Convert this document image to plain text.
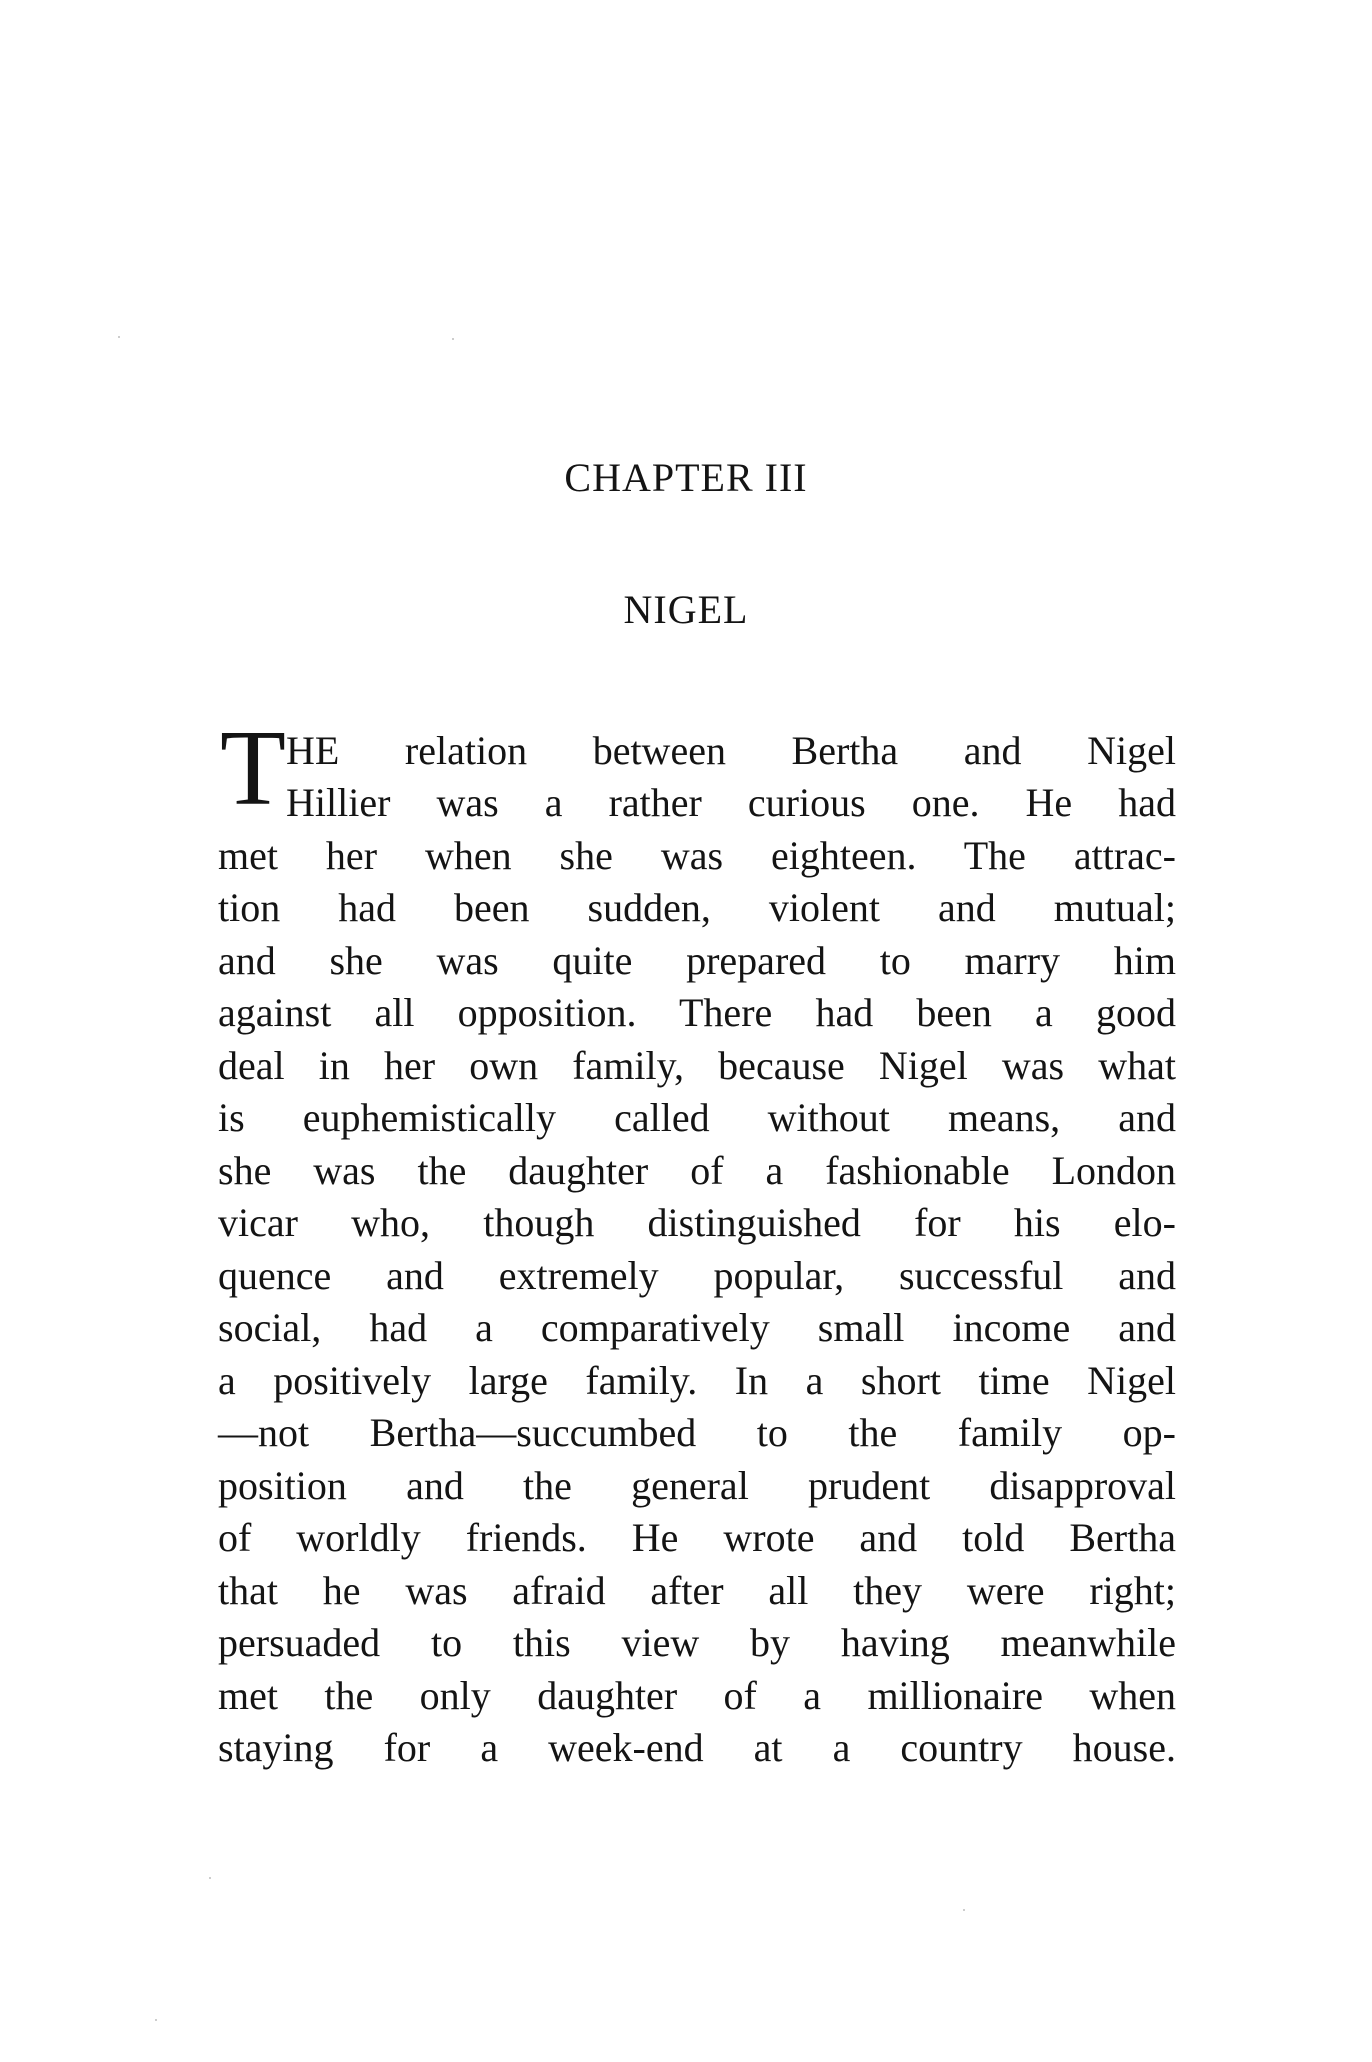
CHAPTER III
NIGEL
T HE relation between Bertha and Nigel

Hillier was a rather curious one. He had

met her when she was eighteen. The attrac-

tion had been sudden, violent and mutual;

and she was quite prepared to marry him

against all opposition. There had been a good

deal in her own family, because Nigel was what

is euphemistically called without means, and

she was the daughter of a fashionable London

vicar who, though distinguished for his elo-

quence and extremely popular, successful and

social, had a comparatively small income and

a positively large family. In a short time Nigel

—not Bertha—succumbed to the family op-

position and the general prudent disapproval

of worldly friends. He wrote and told Bertha

that he was afraid after all they were right;

persuaded to this view by having meanwhile

met the only daughter of a millionaire when

staying for a week-end at a country house.
